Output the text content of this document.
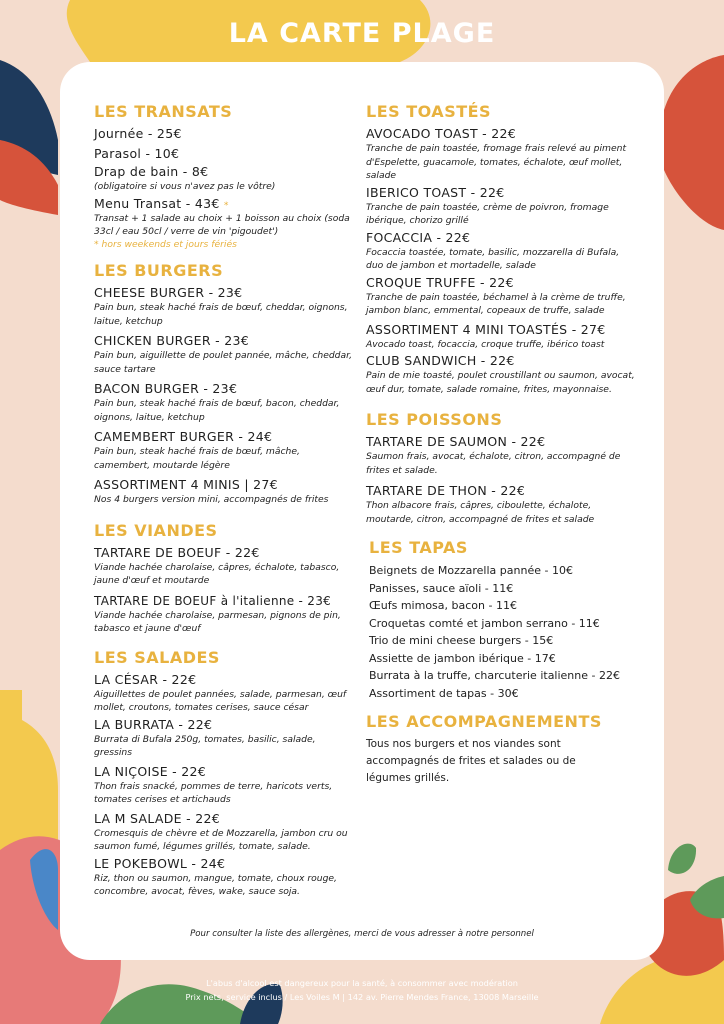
LA CARTE PLAGE
LES TRANSATS
Journée - 25€
Parasol - 10€
Drap de bain - 8€
(obligatoire si vous n'avez pas le vôtre)
Menu Transat - 43€ *
Transat + 1 salade au choix + 1 boisson au choix (soda 33cl / eau 50cl / verre de vin 'pigoudet')
* hors weekends et jours fériés
LES BURGERS
CHEESE BURGER - 23€
Pain bun, steak haché frais de bœuf, cheddar, oignons, laitue, ketchup
CHICKEN BURGER - 23€
Pain bun, aiguillette de poulet pannée, mâche, cheddar, sauce tartare
BACON BURGER - 23€
Pain bun, steak haché frais de bœuf, bacon, cheddar, oignons, laitue, ketchup
CAMEMBERT BURGER - 24€
Pain bun, steak haché frais de bœuf, mâche, camembert, moutarde légère
ASSORTIMENT 4 MINIS | 27€
Nos 4 burgers version mini, accompagnés de frites
LES VIANDES
TARTARE DE BOEUF - 22€
Viande hachée charolaise, câpres, échalote, tabasco, jaune d'œuf et moutarde
TARTARE DE BOEUF à l'italienne - 23€
Viande hachée charolaise, parmesan, pignons de pin, tabasco et jaune d'œuf
LES SALADES
LA CÉSAR - 22€
Aiguillettes de poulet pannées, salade, parmesan, œuf mollet, croutons, tomates cerises, sauce césar
LA BURRATA - 22€
Burrata di Bufala 250g, tomates, basilic, salade, gressins
LA NIÇOISE - 22€
Thon frais snacké, pommes de terre, haricots verts, tomates cerises et artichauds
LA M SALADE - 22€
Cromesquis de chèvre et de Mozzarella, jambon cru ou saumon fumé, légumes grillés, tomate, salade.
LE POKEBOWL - 24€
Riz, thon ou saumon, mangue, tomate, choux rouge, concombre, avocat, fèves, wake, sauce soja.
LES TOASTÉS
AVOCADO TOAST - 22€
Tranche de pain toastée, fromage frais relevé au piment d'Espelette, guacamole, tomates, échalote, œuf mollet, salade
IBERICO TOAST - 22€
Tranche de pain toastée, crème de poivron, fromage ibérique, chorizo grillé
FOCACCIA - 22€
Focaccia toastée, tomate, basilic, mozzarella di Bufala, duo de jambon et mortadelle, salade
CROQUE TRUFFE - 22€
Tranche de pain toastée, béchamel à la crème de truffe, jambon blanc, emmental, copeaux de truffe, salade
ASSORTIMENT 4 MINI TOASTÉS - 27€
Avocado toast, focaccia, croque truffe, ibérico toast
CLUB SANDWICH - 22€
Pain de mie toasté, poulet croustillant ou saumon, avocat, œuf dur, tomate, salade romaine, frites, mayonnaise.
LES POISSONS
TARTARE DE SAUMON - 22€
Saumon frais, avocat, échalote, citron, accompagné de frites et salade.
TARTARE DE THON - 22€
Thon albacore frais, câpres, ciboulette, échalote, moutarde, citron, accompagné de frites et salade
LES TAPAS
Beignets de Mozzarella pannée - 10€
Panisses, sauce aïoli - 11€
Œufs mimosa, bacon - 11€
Croquetas comté et jambon serrano - 11€
Trio de mini cheese burgers - 15€
Assiette de jambon ibérique - 17€
Burrata à la truffe, charcuterie italienne - 22€
Assortiment de tapas - 30€
LES ACCOMPAGNEMENTS
Tous nos burgers et nos viandes sont accompagnés de frites et salades ou de légumes grillés.
Pour consulter la liste des allergènes, merci de vous adresser à notre personnel
L'abus d'alcool est dangereux pour la santé, à consommer avec modération
Prix nets, service inclus / Les Voiles M | 142 av. Pierre Mendes France, 13008 Marseille
